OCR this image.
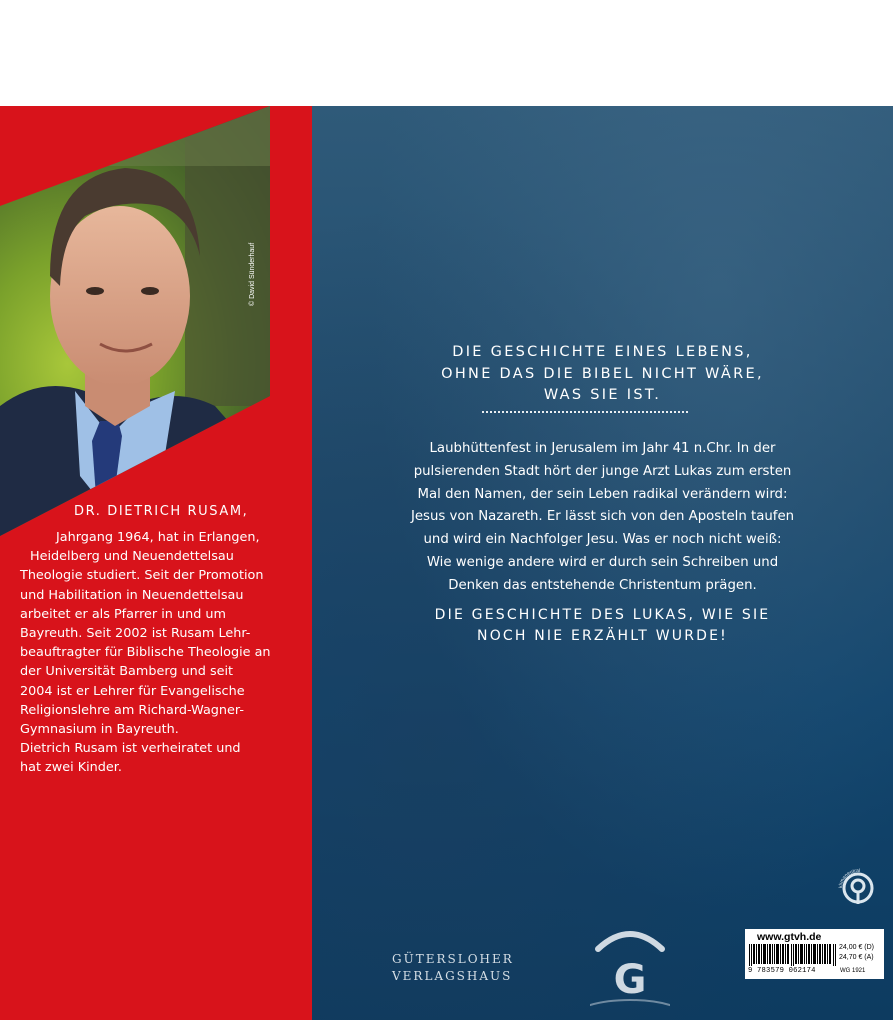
© David Sünderhauf
DR. DIETRICH RUSAM,
Jahrgang 1964, hat in Erlangen,
Heidelberg und Neuendettelsau
Theologie studiert. Seit der Promotion
und Habilitation in Neuendettelsau
arbeitet er als Pfarrer in und um
Bayreuth. Seit 2002 ist Rusam Lehr-
beauftragter für Biblische Theologie an
der Universität Bamberg und seit
2004 ist er Lehrer für Evangelische
Religionslehre am Richard-Wagner-
Gymnasium in Bayreuth.
Dietrich Rusam ist verheiratet und
hat zwei Kinder.
DIE GESCHICHTE EINES LEBENS,
OHNE DAS DIE BIBEL NICHT WÄRE,
WAS SIE IST.
Laubhüttenfest in Jerusalem im Jahr 41 n.Chr. In der
pulsierenden Stadt hört der junge Arzt Lukas zum ersten
Mal den Namen, der sein Leben radikal verändern wird:
Jesus von Nazareth. Er lässt sich von den Aposteln taufen
und wird ein Nachfolger Jesu. Was er noch nicht weiß:
Wie wenige andere wird er durch sein Schreiben und
Denken das entstehende Christentum prägen.
DIE GESCHICHTE DES LUKAS, WIE SIE
NOCH NIE ERZÄHLT WURDE!
klimaneutral
GÜTERSLOHER
VERLAGSHAUS	G
www.gtvh.de
9 783579 062174
24,00 € (D)
24,70 € (A)
WG 1921
